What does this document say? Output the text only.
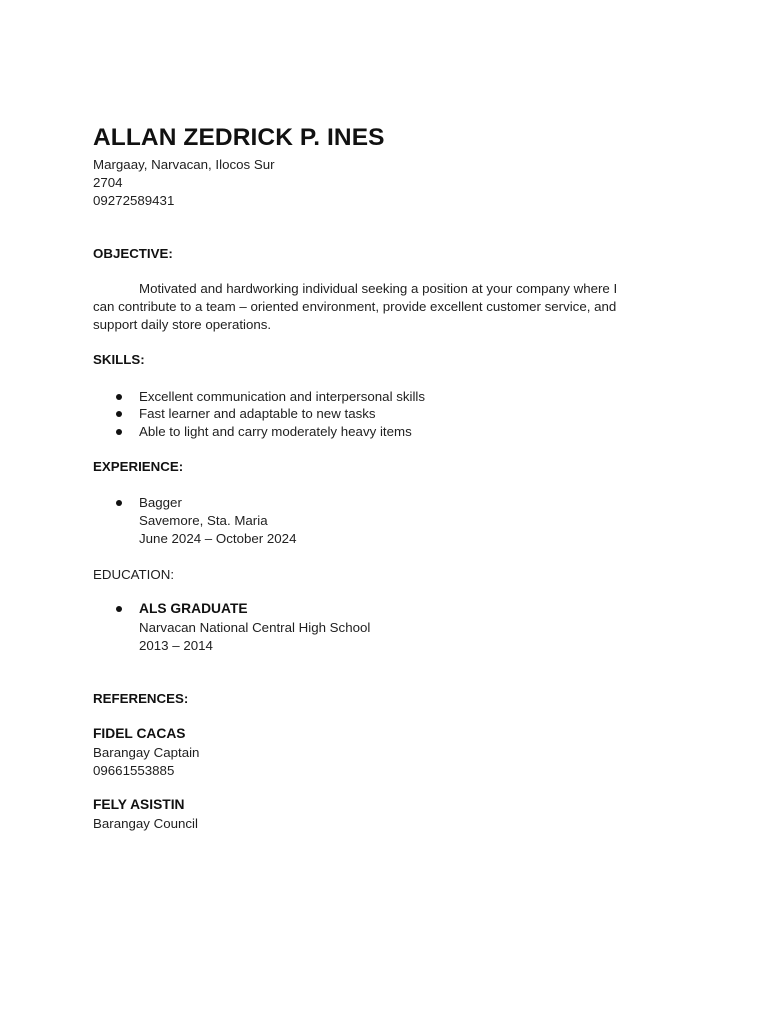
ALLAN ZEDRICK P. INES
Margaay, Narvacan, Ilocos Sur
2704
09272589431
OBJECTIVE:
Motivated and hardworking individual seeking a position at your company where I
can contribute to a team – oriented environment, provide excellent customer service, and
support daily store operations.
SKILLS:
Excellent communication and interpersonal skills
Fast learner and adaptable to new tasks
Able to light and carry moderately heavy items
EXPERIENCE:
Bagger
Savemore, Sta. Maria
June 2024 – October 2024
EDUCATION:
ALS GRADUATE
Narvacan National Central High School
2013 – 2014
REFERENCES:
FIDEL CACAS
Barangay Captain
09661553885
FELY ASISTIN
Barangay Council
